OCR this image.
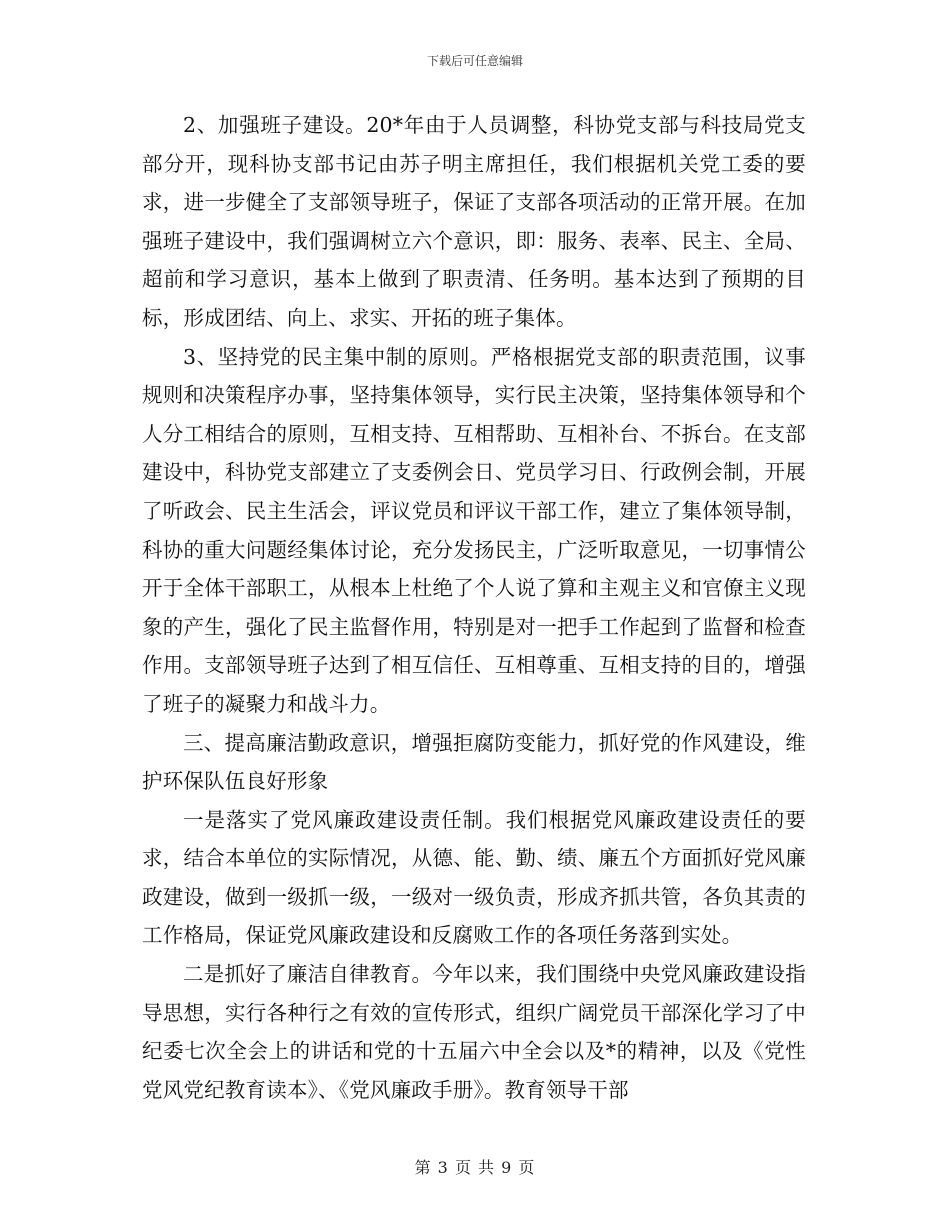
下载后可任意编辑

2、加强班子建设。20*年由于人员调整，科协党支部与科技局党支部分开，现科协支部书记由苏子明主席担任，我们根据机关党工委的要求，进一步健全了支部领导班子，保证了支部各项活动的正常开展。在加强班子建设中，我们强调树立六个意识，即：服务、表率、民主、全局、超前和学习意识，基本上做到了职责清、任务明。基本达到了预期的目标，形成团结、向上、求实、开拓的班子集体。

3、坚持党的民主集中制的原则。严格根据党支部的职责范围，议事规则和决策程序办事，坚持集体领导，实行民主决策，坚持集体领导和个人分工相结合的原则，互相支持、互相帮助、互相补台、不拆台。在支部建设中，科协党支部建立了支委例会日、党员学习日、行政例会制，开展了听政会、民主生活会，评议党员和评议干部工作，建立了集体领导制，科协的重大问题经集体讨论，充分发扬民主，广泛听取意见，一切事情公开于全体干部职工，从根本上杜绝了个人说了算和主观主义和官僚主义现象的产生，强化了民主监督作用，特别是对一把手工作起到了监督和检查作用。支部领导班子达到了相互信任、互相尊重、互相支持的目的，增强了班子的凝聚力和战斗力。

三、提高廉洁勤政意识，增强拒腐防变能力，抓好党的作风建设，维护环保队伍良好形象

一是落实了党风廉政建设责任制。我们根据党风廉政建设责任的要求，结合本单位的实际情况，从德、能、勤、绩、廉五个方面抓好党风廉政建设，做到一级抓一级，一级对一级负责，形成齐抓共管，各负其责的工作格局，保证党风廉政建设和反腐败工作的各项任务落到实处。

二是抓好了廉洁自律教育。今年以来，我们围绕中央党风廉政建设指导思想，实行各种行之有效的宣传形式，组织广阔党员干部深化学习了中纪委七次全会上的讲话和党的十五届六中全会以及*的精神，以及《党性党风党纪教育读本》、《党风廉政手册》。教育领导干部

第 3 页 共 9 页
